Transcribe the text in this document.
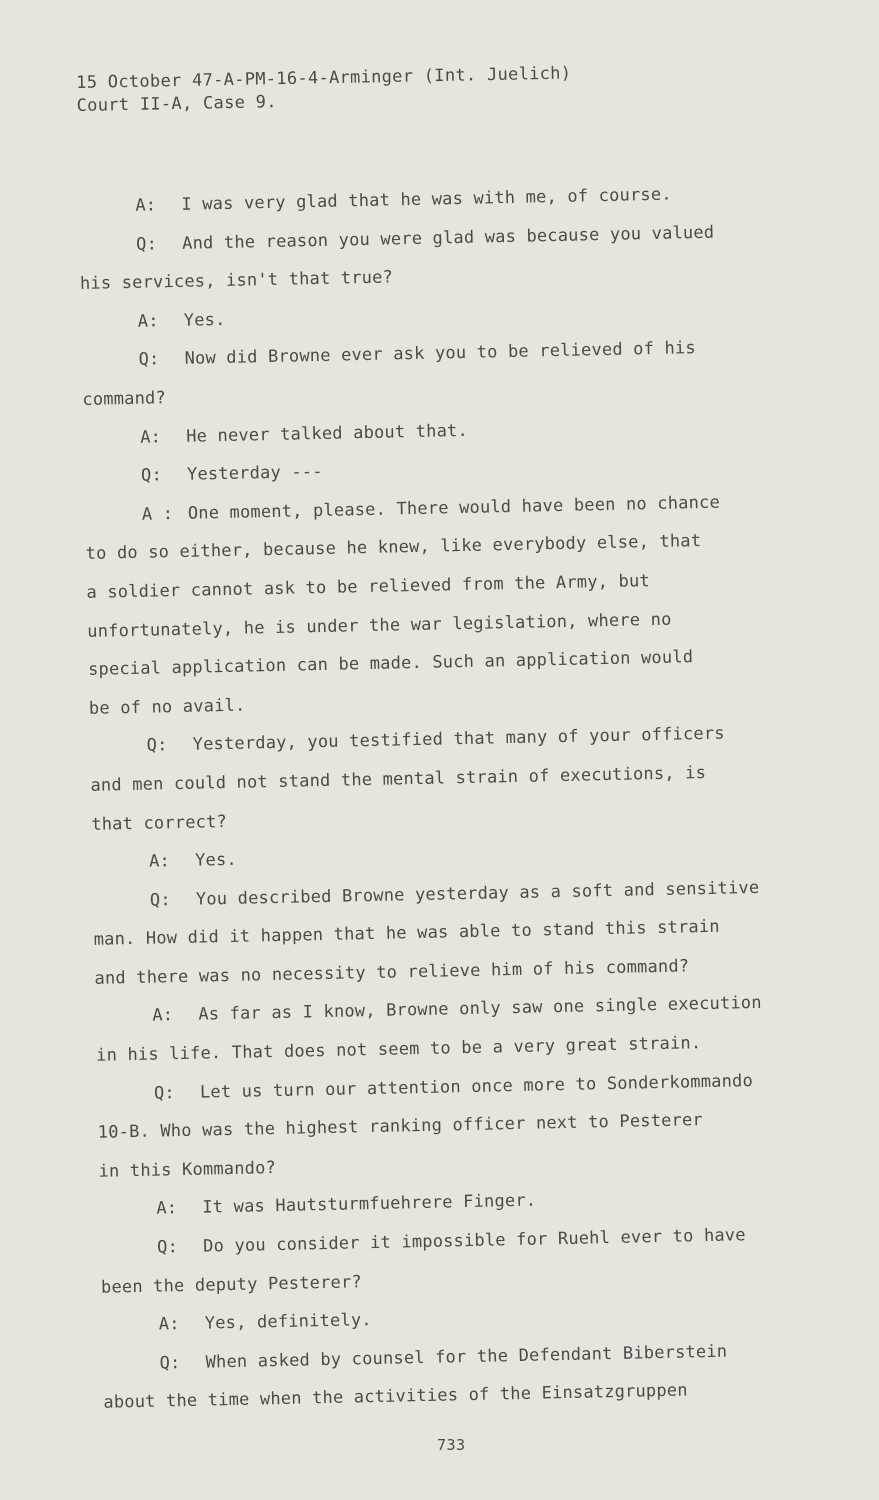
15 October 47-A-PM-16-4-Arminger (Int. Juelich)
Court II-A, Case 9.
A: I was very glad that he was with me, of course.
Q: And the reason you were glad was because you valued
his services, isn't that true?
A: Yes.
Q: Now did Browne ever ask you to be relieved of his
command?
A: He never talked about that.
Q: Yesterday ---
A : One moment, please. There would have been no chance
to do so either, because he knew, like everybody else, that
a soldier cannot ask to be relieved from the Army, but
unfortunately, he is under the war legislation, where no
special application can be made. Such an application would
be of no avail.
Q: Yesterday, you testified that many of your officers
and men could not stand the mental strain of executions, is
that correct?
A: Yes.
Q: You described Browne yesterday as a soft and sensitive
man. How did it happen that he was able to stand this strain
and there was no necessity to relieve him of his command?
A: As far as I know, Browne only saw one single execution
in his life. That does not seem to be a very great strain.
Q: Let us turn our attention once more to Sonderkommando
10-B. Who was the highest ranking officer next to Pesterer
in this Kommando?
A: It was Hautsturmfuehrere Finger.
Q: Do you consider it impossible for Ruehl ever to have
been the deputy Pesterer?
A: Yes, definitely.
Q: When asked by counsel for the Defendant Biberstein
about the time when the activities of the Einsatzgruppen
733
